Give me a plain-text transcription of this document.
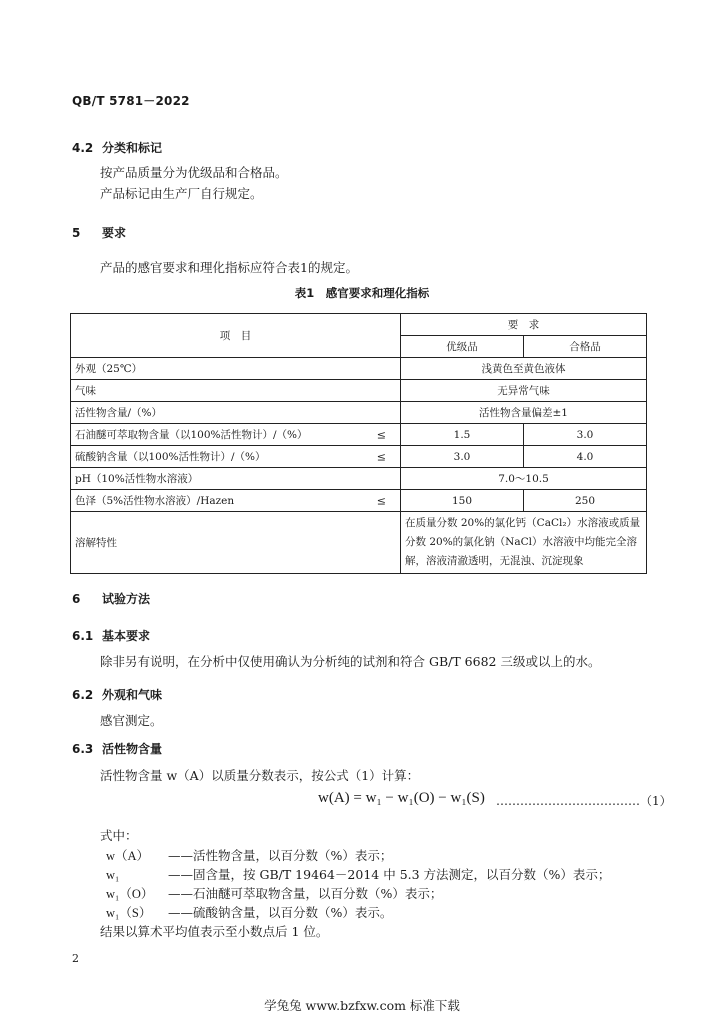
QB/T 5781－2022
4.2 分类和标记
按产品质量分为优级品和合格品。
产品标记由生产厂自行规定。
5 要求
产品的感官要求和理化指标应符合表1的规定。
表1　感官要求和理化指标
项　目	要　求	
	优级品	合格品
外观（25℃）	浅黄色至黄色液体	
气味	无异常气味	
活性物含量/（%）	活性物含量偏差±1	
石油醚可萃取物含量（以100%活性物计）/（%） ≤	1.5	3.0
硫酸钠含量（以100%活性物计）/（%） ≤	3.0	4.0
pH（10%活性物水溶液）	7.0～10.5	
色泽（5%活性物水溶液）/Hazen ≤	150	250
溶解特性	在质量分数 20%的氯化钙（CaCl₂）水溶液或质量分数 20%的氯化钠（NaCl）水溶液中均能完全溶解，溶液清澈透明，无混浊、沉淀现象	
6 试验方法
6.1 基本要求
除非另有说明，在分析中仅使用确认为分析纯的试剂和符合 GB/T 6682 三级或以上的水。
6.2 外观和气味
感官测定。
6.3 活性物含量
活性物含量 w（A）以质量分数表示，按公式（1）计算：
w(A) = w₁ − w₁(O) − w₁(S) ………………………………（1）
式中：
w（A） ——活性物含量，以百分数（%）表示；
w₁	——固含量，按 GB/T 19464－2014 中 5.3 方法测定，以百分数（%）表示；
w₁（O） ——石油醚可萃取物含量，以百分数（%）表示；
w₁（S） ——硫酸钠含量，以百分数（%）表示。
结果以算术平均值表示至小数点后 1 位。
2
学兔兔 www.bzfxw.com 标准下载
